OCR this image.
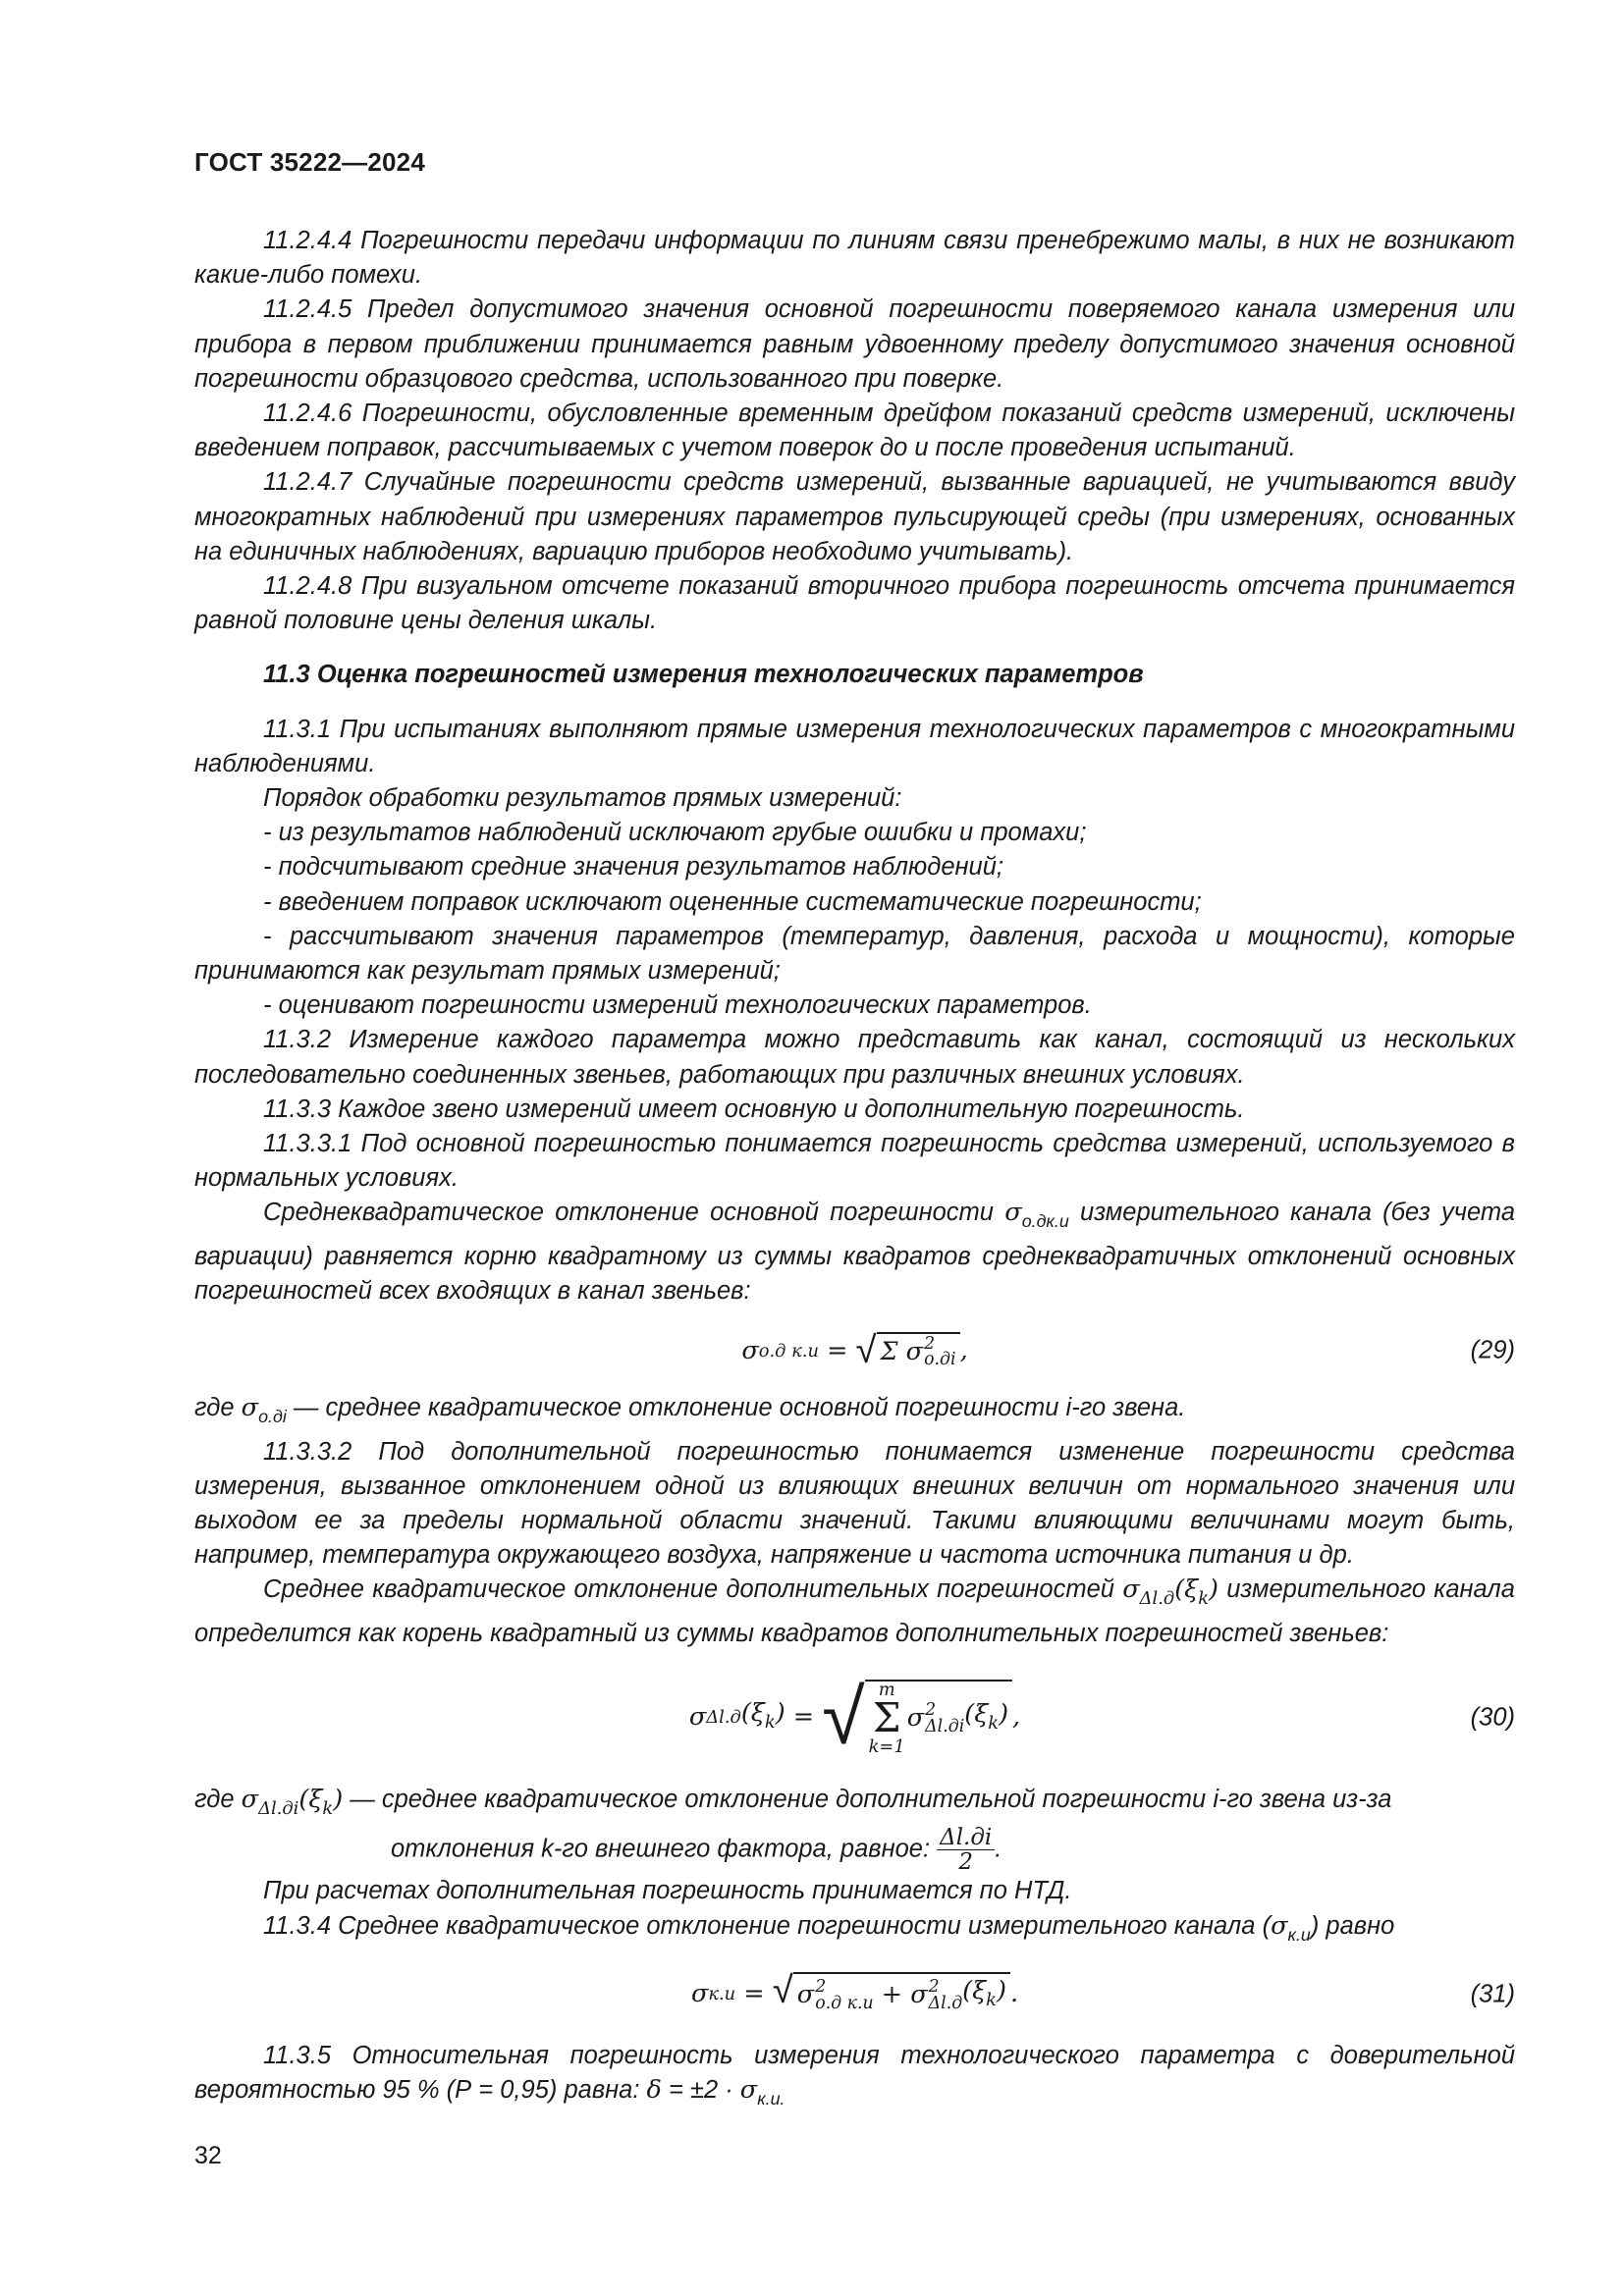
ГОСТ 35222—2024

11.2.4.4 Погрешности передачи информации по линиям связи пренебрежимо малы, в них не возникают какие-либо помехи.

11.2.4.5 Предел допустимого значения основной погрешности поверяемого канала измерения или прибора в первом приближении принимается равным удвоенному пределу допустимого значения основной погрешности образцового средства, использованного при поверке.

11.2.4.6 Погрешности, обусловленные временным дрейфом показаний средств измерений, исключены введением поправок, рассчитываемых с учетом поверок до и после проведения испытаний.

11.2.4.7 Случайные погрешности средств измерений, вызванные вариацией, не учитываются ввиду многократных наблюдений при измерениях параметров пульсирующей среды (при измерениях, основанных на единичных наблюдениях, вариацию приборов необходимо учитывать).

11.2.4.8 При визуальном отсчете показаний вторичного прибора погрешность отсчета принимается равной половине цены деления шкалы.

11.3 Оценка погрешностей измерения технологических параметров

11.3.1 При испытаниях выполняют прямые измерения технологических параметров с многократными наблюдениями.

Порядок обработки результатов прямых измерений:

- из результатов наблюдений исключают грубые ошибки и промахи;

- подсчитывают средние значения результатов наблюдений;

- введением поправок исключают оцененные систематические погрешности;

- рассчитывают значения параметров (температур, давления, расхода и мощности), которые принимаются как результат прямых измерений;

- оценивают погрешности измерений технологических параметров.

11.3.2 Измерение каждого параметра можно представить как канал, состоящий из нескольких последовательно соединенных звеньев, работающих при различных внешних условиях.

11.3.3 Каждое звено измерений имеет основную и дополнительную погрешность.

11.3.3.1 Под основной погрешностью понимается погрешность средства измерений, используемого в нормальных условиях.

Среднеквадратическое отклонение основной погрешности $\sigma_{о.дк.и}$ измерительного канала (без учета вариации) равняется корню квадратному из суммы квадратов среднеквадратичных отклонений основных погрешностей всех входящих в канал звеньев:

σ о.д к.и = √ Σ σ 2
о.дi ,	(29)

где $\sigma_{о.дi}$ — среднее квадратическое отклонение основной погрешности i-го звена.

11.3.3.2 Под дополнительной погрешностью понимается изменение погрешности средства измерения, вызванное отклонением одной из влияющих внешних величин от нормального значения или выходом ее за пределы нормальной области значений. Такими влияющими величинами могут быть, например, температура окружающего воздуха, напряжение и частота источника питания и др.

Среднее квадратическое отклонение дополнительных погрешностей $\sigma_{\Delta l.д}(\xi_k)$ измерительного канала определится как корень квадратный из суммы квадратов дополнительных погрешностей звеньев:

σ Δl.д $(\xi_k)$ = √ m
Σ
k=1
σ 2
Δl.дi $(\xi_k)$ ,	(30)

где $\sigma_{\Delta l.дi}(\xi_k)$ — среднее квадратическое отклонение дополнительной погрешности i-го звена из-за

отклонения k-го внешнего фактора, равное: $\frac{\Delta l.дi}{2}$ .

При расчетах дополнительная погрешность принимается по НТД.

11.3.4 Среднее квадратическое отклонение погрешности измерительного канала $(\sigma_{к.и})$ равно

σ к.и = √ σ 2
о.д к.и + σ 2
Δl.д $(\xi_k)$ .	(31)

11.3.5 Относительная погрешность измерения технологического параметра с доверительной вероятностью 95 % (Р = 0,95) равна: $\delta = \pm 2 \cdot \sigma_{к.и.}$

32
